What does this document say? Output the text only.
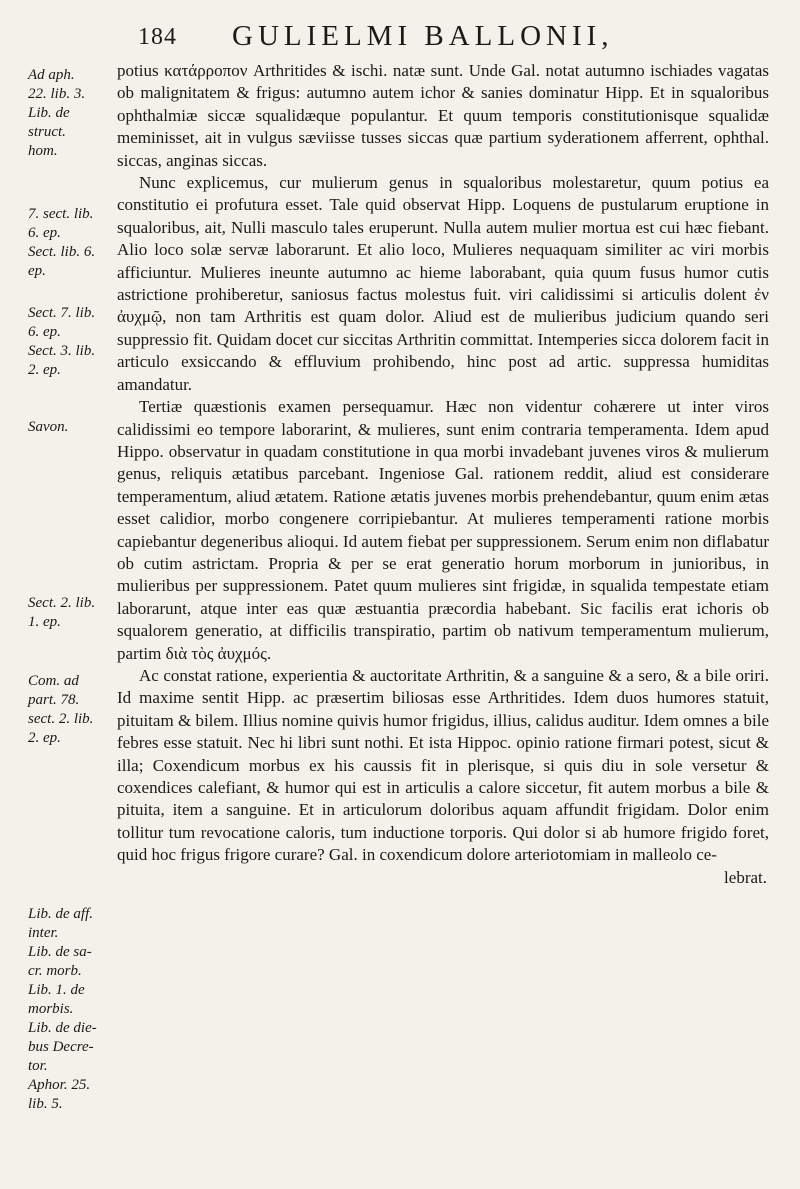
184 GULIELMI BALLONII,
Ad aph.
22. lib. 3.
Lib. de
struct.
hom.
7. sect. lib.
6. ep.
Sect. lib. 6.
ep.
Sect. 7. lib.
6. ep.
Sect. 3. lib.
2. ep.
Savon.
Sect. 2. lib.
1. ep.
Com. ad
part. 78.
sect. 2. lib.
2. ep.
Lib. de aff.
inter.
Lib. de sa-
cr. morb.
Lib. 1. de
morbis.
Lib. de die-
bus Decre-
tor.
Aphor. 25.
lib. 5.

potius κατάρροπον Arthritides & ischi. natæ sunt. Unde Gal. notat autumno ischiades vagatas ob malignitatem & frigus: autumno autem ichor & sanies dominatur Hipp. Et in squaloribus ophthalmiæ siccæ squalidæque populantur. Et quum temporis constitutionisque squalidæ meminisset, ait in vulgus sæviisse tusses siccas quæ partium syderationem afferrent, ophthal. siccas, anginas siccas.

Nunc explicemus, cur mulierum genus in squaloribus molestaretur, quum potius ea constitutio ei profutura esset. Tale quid observat Hipp. Loquens de pustularum eruptione in squaloribus, ait, Nulli masculo tales eruperunt. Nulla autem mulier mortua est cui hæc fiebant. Alio loco solæ servæ laborarunt. Et alio loco, Mulieres nequaquam similiter ac viri morbis afficiuntur. Mulieres ineunte autumno ac hieme laborabant, quia quum fusus humor cutis astrictione prohiberetur, saniosus factus molestus fuit. viri calidissimi si articulis dolent ἐν ἀυχμῷ, non tam Arthritis est quam dolor. Aliud est de mulieribus judicium quando seri suppressio fit. Quidam docet cur siccitas Arthritin committat. Intemperies sicca dolorem facit in articulo exsiccando & effluvium prohibendo, hinc post ad artic. suppressa humiditas amandatur.

Tertiæ quæstionis examen persequamur. Hæc non videntur cohærere ut inter viros calidissimi eo tempore laborarint, & mulieres, sunt enim contraria temperamenta. Idem apud Hippo. observatur in quadam constitutione in qua morbi invadebant juvenes viros & mulierum genus, reliquis ætatibus parcebant. Ingeniose Gal. rationem reddit, aliud est considerare temperamentum, aliud ætatem. Ratione ætatis juvenes morbis prehendebantur, quum enim ætas esset calidior, morbo congenere corripiebantur. At mulieres temperamenti ratione morbis capiebantur degeneribus alioqui. Id autem fiebat per suppressionem. Serum enim non diflabatur ob cutim astrictam. Propria & per se erat generatio horum morborum in junioribus, in mulieribus per suppressionem. Patet quum mulieres sint frigidæ, in squalida tempestate etiam laborarunt, atque inter eas quæ æstuantia præcordia habebant. Sic facilis erat ichoris ob squalorem generatio, at difficilis transpiratio, partim ob nativum temperamentum mulierum, partim διὰ τὸς ἀυχμός.

Ac constat ratione, experientia & auctoritate Arthritin, & a sanguine & a sero, & a bile oriri. Id maxime sentit Hipp. ac præsertim biliosas esse Arthritides. Idem duos humores statuit, pituitam & bilem. Illius nomine quivis humor frigidus, illius, calidus auditur. Idem omnes a bile febres esse statuit. Nec hi libri sunt nothi. Et ista Hippoc. opinio ratione firmari potest, sicut & illa; Coxendicum morbus ex his caussis fit in plerisque, si quis diu in sole versetur & coxendices calefiant, & humor qui est in articulis a calore siccetur, fit autem morbus a bile & pituita, item a sanguine. Et in articulorum doloribus aquam affundit frigidam. Dolor enim tollitur tum revocatione caloris, tum inductione torporis. Qui dolor si ab humore frigido foret, quid hoc frigus frigore curare? Gal. in coxendicum dolore arteriotomiam in malleolo ce-

lebrat.
